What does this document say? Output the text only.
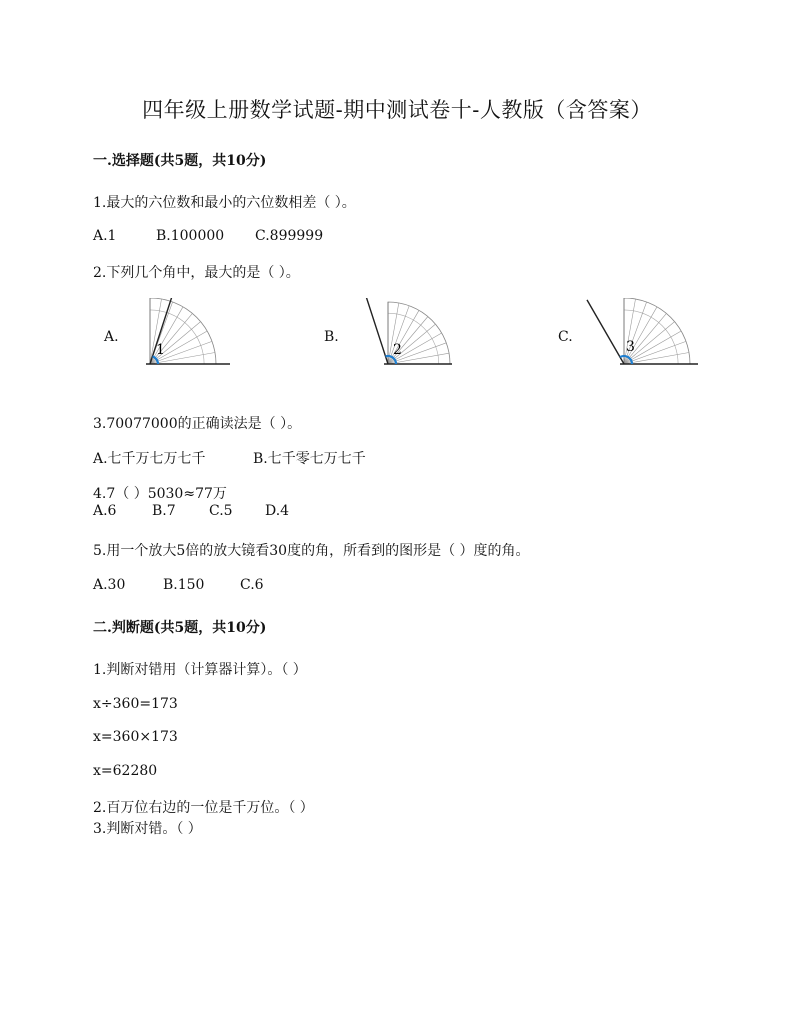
四年级上册数学试题-期中测试卷十-人教版（含答案）
一.选择题(共5题，共10分)
1.最大的六位数和最小的六位数相差（ ）。
A.1	B.100000 C.899999
2.下列几个角中，最大的是（ ）。
A.	B.	C.
1	2	3
3.70077000的正确读法是（ ）。
A.七千万七万七千	B.七千零七万七千
4.7（ ）5030≈77万
A.6	B.7 C.5 D.4
5.用一个放大5倍的放大镜看30度的角，所看到的图形是（ ）度的角。
A.30	B.150	C.6
二.判断题(共5题，共10分)
1.判断对错用（计算器计算）。（ ）
x÷360=173
x=360×173
x=62280
2.百万位右边的一位是千万位。（ ）
3.判断对错。（ ）
